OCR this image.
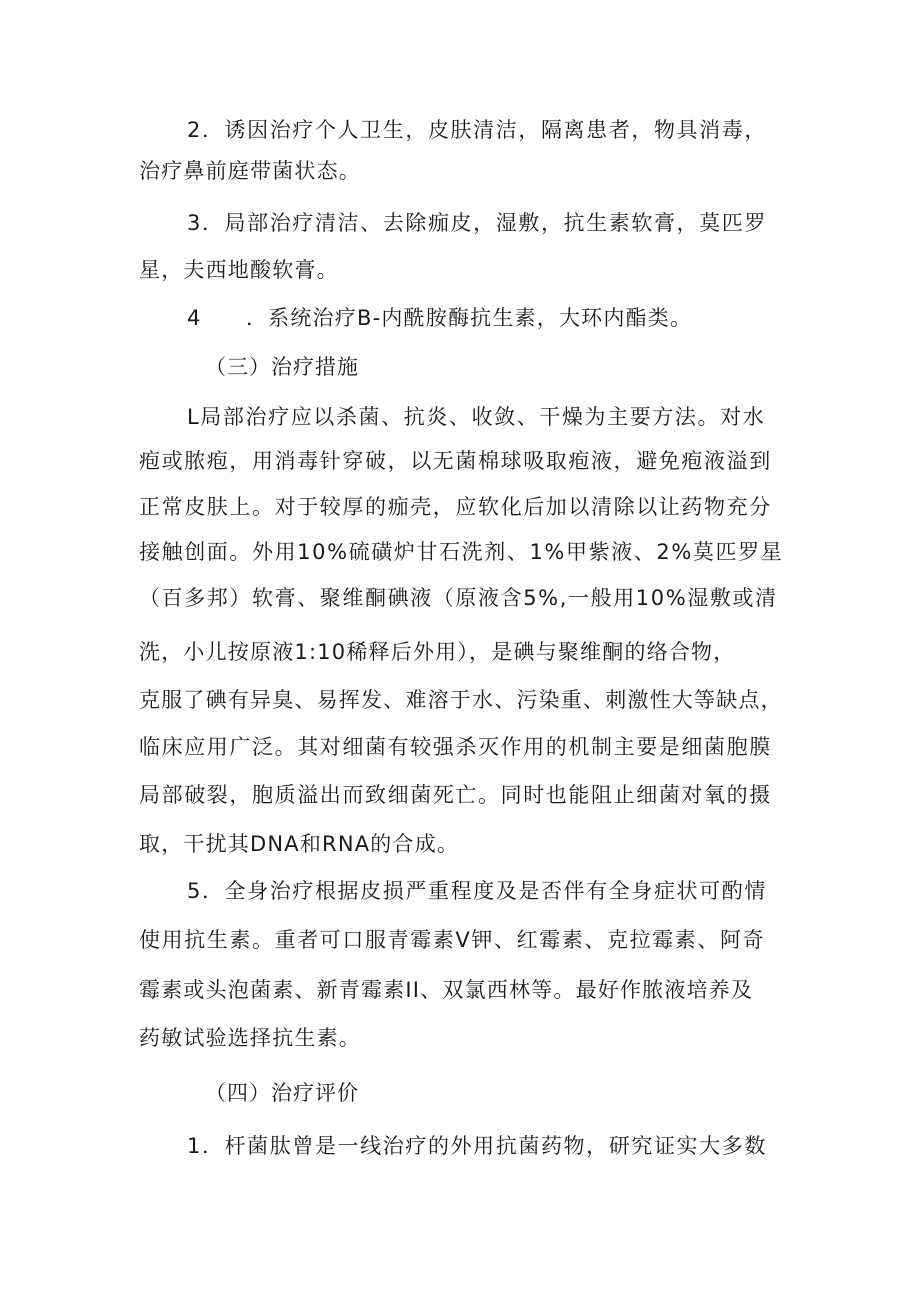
2．诱因治疗个人卫生，皮肤清洁，隔离患者，物具消毒，

治疗鼻前庭带菌状态。

3．局部治疗清洁、去除痂皮，湿敷，抗生素软膏，莫匹罗

星，夫西地酸软膏。

4　　．系统治疗B-内酰胺酶抗生素，大环内酯类。

（三）治疗措施

L局部治疗应以杀菌、抗炎、收敛、干燥为主要方法。对水

疱或脓疱，用消毒针穿破，以无菌棉球吸取疱液，避免疱液溢到

正常皮肤上。对于较厚的痂壳，应软化后加以清除以让药物充分

接触创面。外用10%硫磺炉甘石洗剂、1%甲紫液、2%莫匹罗星

（百多邦）软膏、聚维酮碘液（原液含5%,一般用10%湿敷或清

洗，小儿按原液1:10稀释后外用），是碘与聚维酮的络合物，

克服了碘有异臭、易挥发、难溶于水、污染重、刺激性大等缺点，

临床应用广泛。其对细菌有较强杀灭作用的机制主要是细菌胞膜

局部破裂，胞质溢出而致细菌死亡。同时也能阻止细菌对氧的摄

取，干扰其DNA和RNA的合成。

5．全身治疗根据皮损严重程度及是否伴有全身症状可酌情

使用抗生素。重者可口服青霉素V钾、红霉素、克拉霉素、阿奇

霉素或头泡菌素、新青霉素II、双氯西林等。最好作脓液培养及

药敏试验选择抗生素。

（四）治疗评价

1．杆菌肽曾是一线治疗的外用抗菌药物，研究证实大多数
